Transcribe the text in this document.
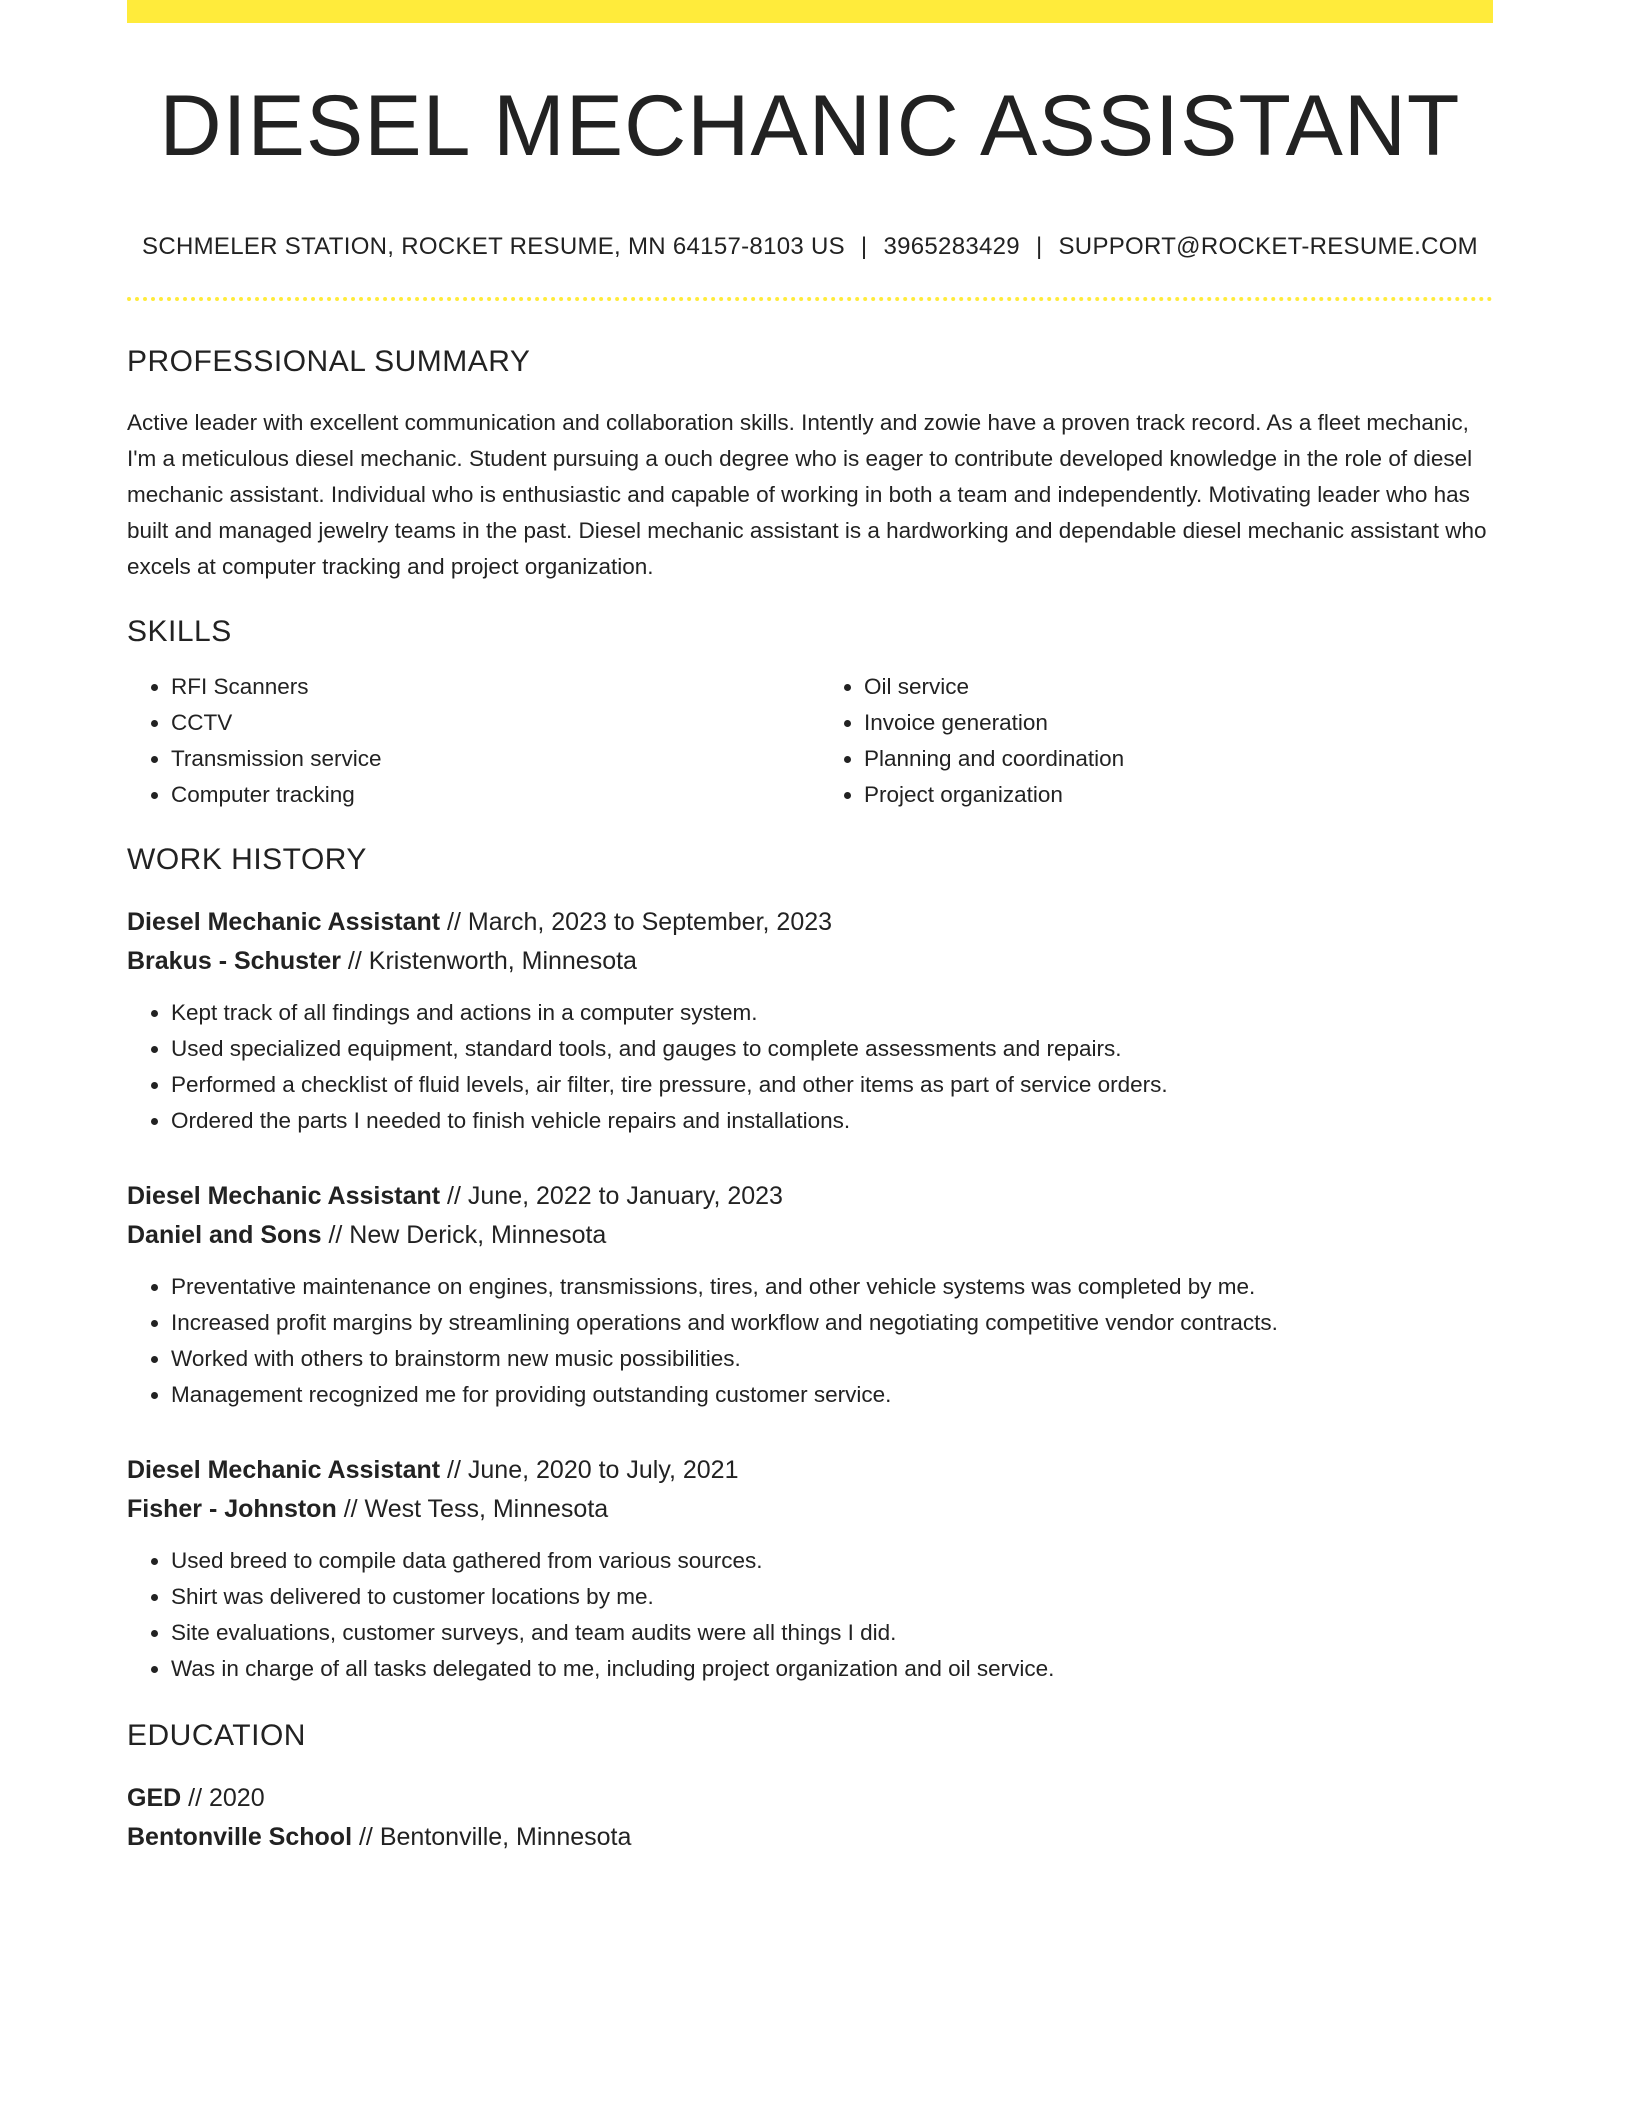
DIESEL MECHANIC ASSISTANT
SCHMELER STATION, ROCKET RESUME, MN 64157-8103 US | 3965283429 | SUPPORT@ROCKET-RESUME.COM
PROFESSIONAL SUMMARY
Active leader with excellent communication and collaboration skills. Intently and zowie have a proven track record. As a fleet mechanic, I'm a meticulous diesel mechanic. Student pursuing a ouch degree who is eager to contribute developed knowledge in the role of diesel mechanic assistant. Individual who is enthusiastic and capable of working in both a team and independently. Motivating leader who has built and managed jewelry teams in the past. Diesel mechanic assistant is a hardworking and dependable diesel mechanic assistant who excels at computer tracking and project organization.
SKILLS
• RFI Scanners
• CCTV
• Transmission service
• Computer tracking
• Oil service
• Invoice generation
• Planning and coordination
• Project organization
WORK HISTORY
Diesel Mechanic Assistant // March, 2023 to September, 2023
Brakus - Schuster // Kristenworth, Minnesota
• Kept track of all findings and actions in a computer system.
• Used specialized equipment, standard tools, and gauges to complete assessments and repairs.
• Performed a checklist of fluid levels, air filter, tire pressure, and other items as part of service orders.
• Ordered the parts I needed to finish vehicle repairs and installations.
Diesel Mechanic Assistant // June, 2022 to January, 2023
Daniel and Sons // New Derick, Minnesota
• Preventative maintenance on engines, transmissions, tires, and other vehicle systems was completed by me.
• Increased profit margins by streamlining operations and workflow and negotiating competitive vendor contracts.
• Worked with others to brainstorm new music possibilities.
• Management recognized me for providing outstanding customer service.
Diesel Mechanic Assistant // June, 2020 to July, 2021
Fisher - Johnston // West Tess, Minnesota
• Used breed to compile data gathered from various sources.
• Shirt was delivered to customer locations by me.
• Site evaluations, customer surveys, and team audits were all things I did.
• Was in charge of all tasks delegated to me, including project organization and oil service.
EDUCATION
GED // 2020
Bentonville School // Bentonville, Minnesota
